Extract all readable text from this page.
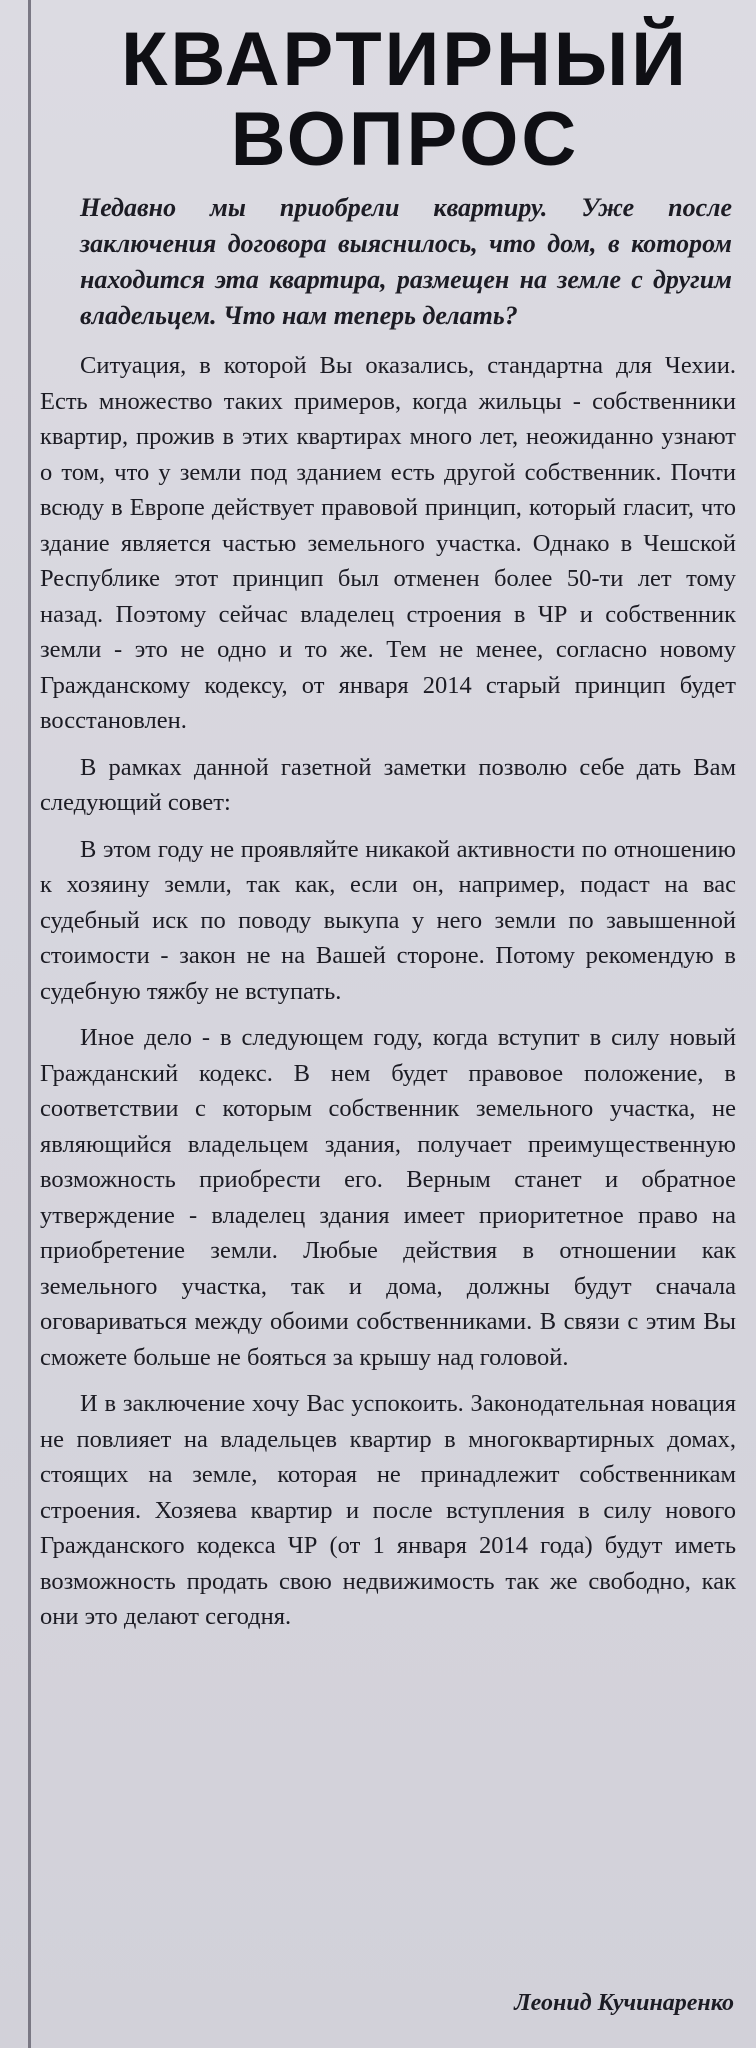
КВАРТИРНЫЙ
ВОПРОС

Недавно мы приобрели квартиру. Уже после заключения договора выяснилось, что дом, в котором находится эта квартира, размещен на земле с другим владельцем. Что нам теперь делать?

Ситуация, в которой Вы оказались, стандартна для Чехии. Есть множество таких примеров, когда жильцы - собственники квартир, прожив в этих квартирах много лет, неожиданно узнают о том, что у земли под зданием есть другой собственник. Почти всюду в Европе действует правовой принцип, который гласит, что здание является частью земельного участка. Однако в Чешской Республике этот принцип был отменен более 50-ти лет тому назад. Поэтому сейчас владелец строения в ЧР и собственник земли - это не одно и то же. Тем не менее, согласно новому Гражданскому кодексу, от января 2014 старый принцип будет восстановлен.

В рамках данной газетной заметки позволю себе дать Вам следующий совет:

В этом году не проявляйте никакой активности по отношению к хозяину земли, так как, если он, например, подаст на вас судебный иск по поводу выкупа у него земли по завышенной стоимости - закон не на Вашей стороне. Потому рекомендую в судебную тяжбу не вступать.

Иное дело - в следующем году, когда вступит в силу новый Гражданский кодекс. В нем будет правовое положение, в соответствии с которым собственник земельного участка, не являющийся владельцем здания, получает преимущественную возможность приобрести его. Верным станет и обратное утверждение - владелец здания имеет приоритетное право на приобретение земли. Любые действия в отношении как земельного участка, так и дома, должны будут сначала оговариваться между обоими собственниками. В связи с этим Вы сможете больше не бояться за крышу над головой.

И в заключение хочу Вас успокоить. Законодательная новация не повлияет на владельцев квартир в многоквартирных домах, стоящих на земле, которая не принадлежит собственникам строения. Хозяева квартир и после вступления в силу нового Гражданского кодекса ЧР (от 1 января 2014 года) будут иметь возможность продать свою недвижимость так же свободно, как они это делают сегодня.

Леонид Кучинаренко
